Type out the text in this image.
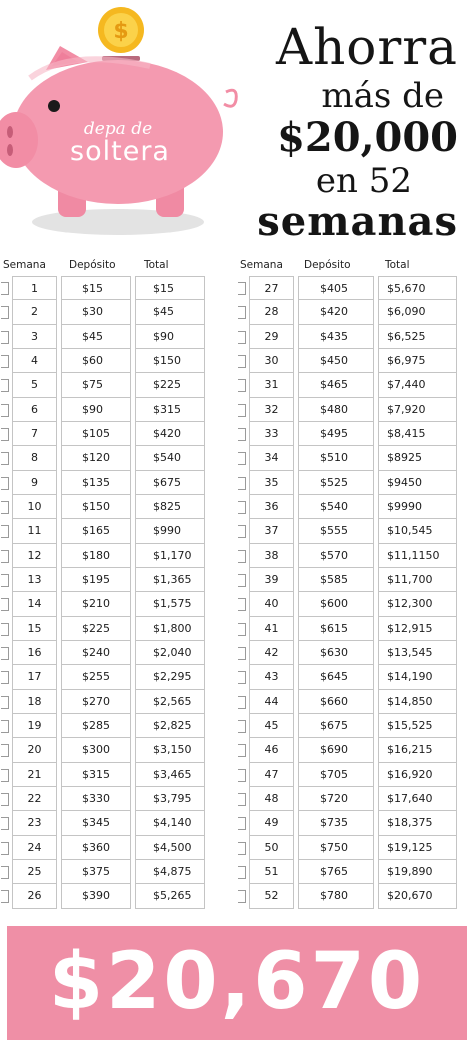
$
depa de
soltera
Ahorra
más de
$20,000
en 52
semanas
Semana Depósito	Total
1	$15	$15
2	$30	$45
3	$45	$90
4	$60	$150
5	$75	$225
6	$90	$315
7	$105	$420
8	$120	$540
9	$135	$675
10	$150	$825
11	$165	$990
12	$180	$1,170
13	$195	$1,365
14	$210	$1,575
15	$225	$1,800
16	$240	$2,040
17	$255	$2,295
18	$270	$2,565
19	$285	$2,825
20	$300	$3,150
21	$315	$3,465
22	$330	$3,795
23	$345	$4,140
24	$360	$4,500
25	$375	$4,875
26	$390	$5,265
Semana Depósito	Total
27	$405	$5,670
28	$420	$6,090
29	$435	$6,525
30	$450	$6,975
31	$465	$7,440
32	$480	$7,920
33	$495	$8,415
34	$510	$8925
35	$525	$9450
36	$540	$9990
37	$555	$10,545
38	$570	$11,1150
39	$585	$11,700
40	$600	$12,300
41	$615	$12,915
42	$630	$13,545
43	$645	$14,190
44	$660	$14,850
45	$675	$15,525
46	$690	$16,215
47	$705	$16,920
48	$720	$17,640
49	$735	$18,375
50	$750	$19,125
51	$765	$19,890
52	$780	$20,670
$20,670
